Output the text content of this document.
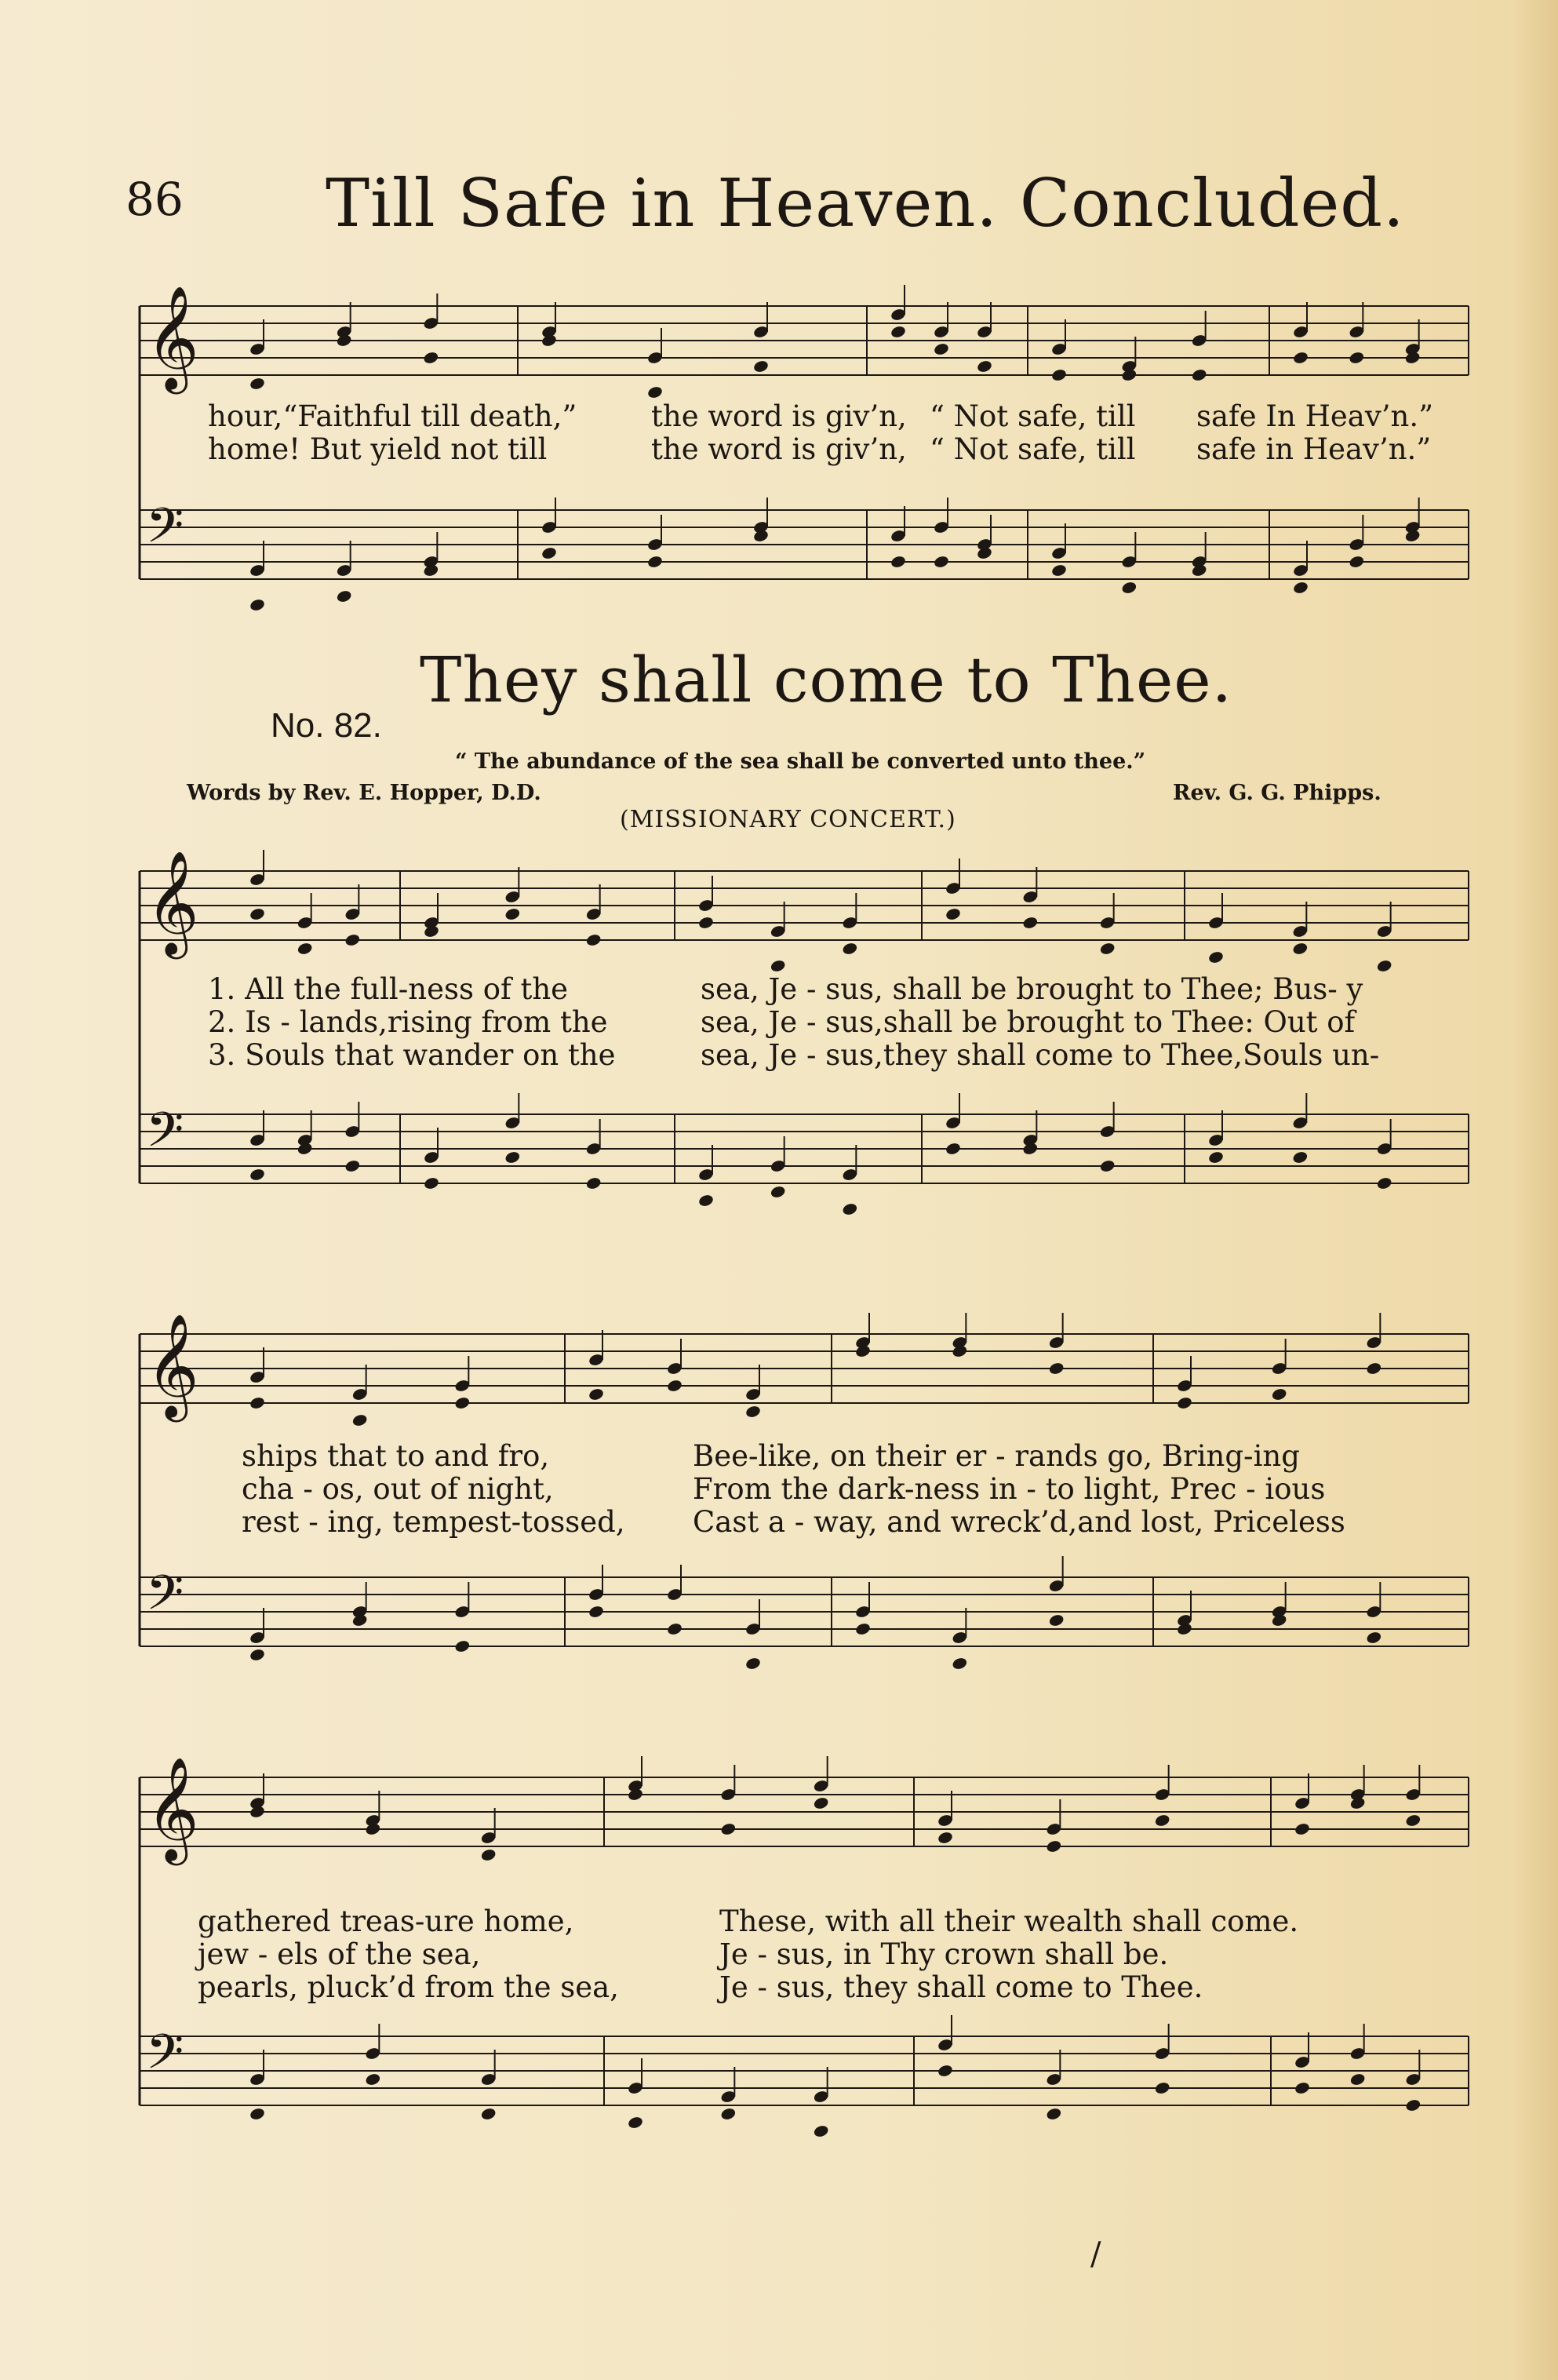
𝄞
𝄢
𝄞
𝄢
𝄞
𝄢
𝄞
𝄢
86 Till Safe in Heaven. Concluded.
hour,“Faithful till death,”	the word is giv’n, “ Not safe, till safe In Heav’n.”
home! But yield not till	the word is giv’n, “ Not safe, till safe in Heav’n.”
They shall come to Thee.
No. 82.
“ The abundance of the sea shall be converted unto thee.”
Words by Rev. E. Hopper, D.D.	Rev. G. G. Phipps.
(MISSIONARY CONCERT.)
1. All the full-ness of the	sea, Je - sus, shall be brought to Thee; Bus- y
2. Is - lands,rising from the	sea, Je - sus,shall be brought to Thee: Out of
3. Souls that wander on the	sea, Je - sus,they shall come to Thee,Souls un-
ships that to and fro,	Bee-like, on their er - rands go, Bring-ing
cha - os, out of night,	From the dark-ness in - to light, Prec - ious
rest - ing, tempest-tossed, Cast a - way, and wreck’d,and lost, Priceless
gathered treas-ure home,	These, with all their wealth shall come.
jew - els of the sea,	Je - sus, in Thy crown shall be.
pearls, pluck’d from the sea,	Je - sus, they shall come to Thee.
/
